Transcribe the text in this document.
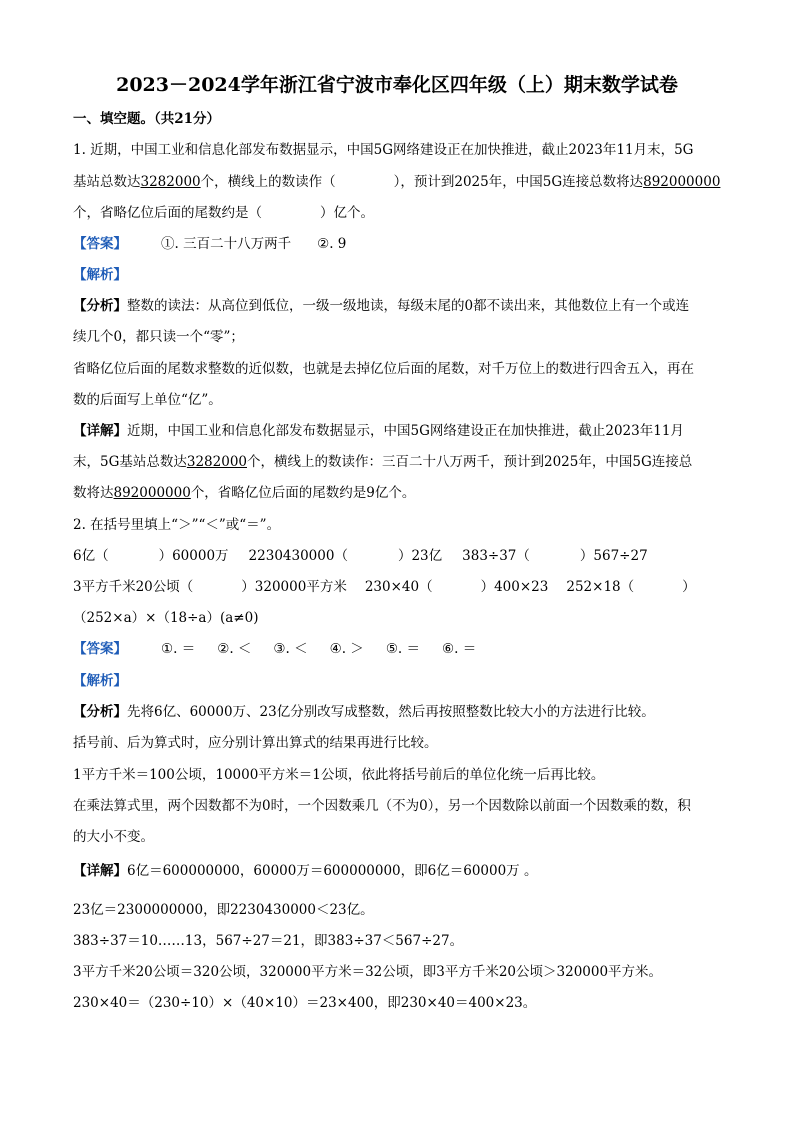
2023－2024学年浙江省宁波市奉化区四年级（上）期末数学试卷
一、填空题。（共21分）
1. 近期，中国工业和信息化部发布数据显示，中国5G网络建设正在加快推进，截止2023年11月末，5G
基站总数达3282000个，横线上的数读作（	），预计到2025年，中国5G连接总数将达892000000
个，省略亿位后面的尾数约是（	）亿个。
【答案】	①. 三百二十八万两千 ②. 9
【解析】
【分析】整数的读法：从高位到低位，一级一级地读，每级末尾的0都不读出来，其他数位上有一个或连
续几个0，都只读一个“零”；
省略亿位后面的尾数求整数的近似数，也就是去掉亿位后面的尾数，对千万位上的数进行四舍五入，再在
数的后面写上单位“亿”。
【详解】近期，中国工业和信息化部发布数据显示，中国5G网络建设正在加快推进，截止2023年11月
末，5G基站总数达3282000个，横线上的数读作：三百二十八万两千，预计到2025年，中国5G连接总
数将达892000000个，省略亿位后面的尾数约是9亿个。
2. 在括号里填上“＞”“＜”或“＝”。
6亿（	）60000万 2230430000（	）23亿 383÷37（	）567÷27
3平方千米20公顷（	）320000平方米 230×40（	）400×23 252×18（	）
（252×a）×（18÷a）(a≠0)
【答案】	①. ＝ ②. ＜ ③. ＜ ④. ＞ ⑤. ＝ ⑥. ＝
【解析】
【分析】先将6亿、60000万、23亿分别改写成整数，然后再按照整数比较大小的方法进行比较。
括号前、后为算式时，应分别计算出算式的结果再进行比较。
1平方千米＝100公顷，10000平方米＝1公顷，依此将括号前后的单位化统一后再比较。
在乘法算式里，两个因数都不为0时，一个因数乘几（不为0），另一个因数除以前面一个因数乘的数，积
的大小不变。
【详解】6亿＝600000000，60000万＝600000000，即6亿＝60000万 。
23亿＝2300000000，即2230430000＜23亿。
383÷37＝10……13，567÷27＝21，即383÷37＜567÷27。
3平方千米20公顷＝320公顷，320000平方米＝32公顷，即3平方千米20公顷＞320000平方米。
230×40＝（230÷10）×（40×10）＝23×400，即230×40＝400×23。
